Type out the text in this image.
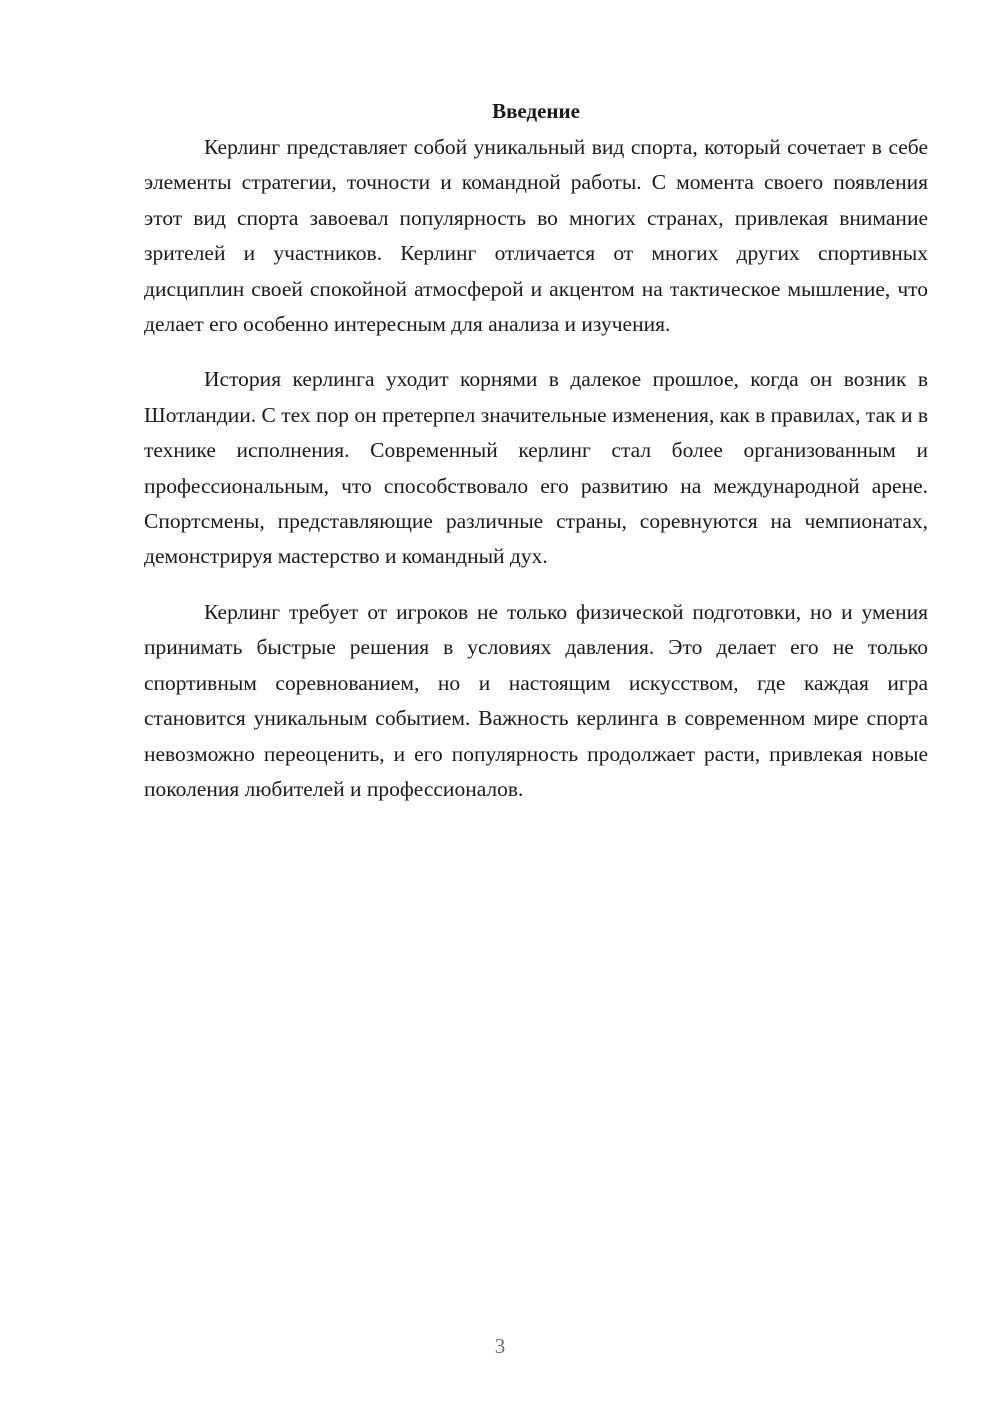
Введение

Керлинг представляет собой уникальный вид спорта, который сочетает в себе элементы стратегии, точности и командной работы. С момента своего появления этот вид спорта завоевал популярность во многих странах, привлекая внимание зрителей и участников. Керлинг отличается от многих других спортивных дисциплин своей спокойной атмосферой и акцентом на тактическое мышление, что делает его особенно интересным для анализа и изучения.

История керлинга уходит корнями в далекое прошлое, когда он возник в Шотландии. С тех пор он претерпел значительные изменения, как в правилах, так и в технике исполнения. Современный керлинг стал более организованным и профессиональным, что способствовало его развитию на международной арене. Спортсмены, представляющие различные страны, соревнуются на чемпионатах, демонстрируя мастерство и командный дух.

Керлинг требует от игроков не только физической подготовки, но и умения принимать быстрые решения в условиях давления. Это делает его не только спортивным соревнованием, но и настоящим искусством, где каждая игра становится уникальным событием. Важность керлинга в современном мире спорта невозможно переоценить, и его популярность продолжает расти, привлекая новые поколения любителей и профессионалов.

3
